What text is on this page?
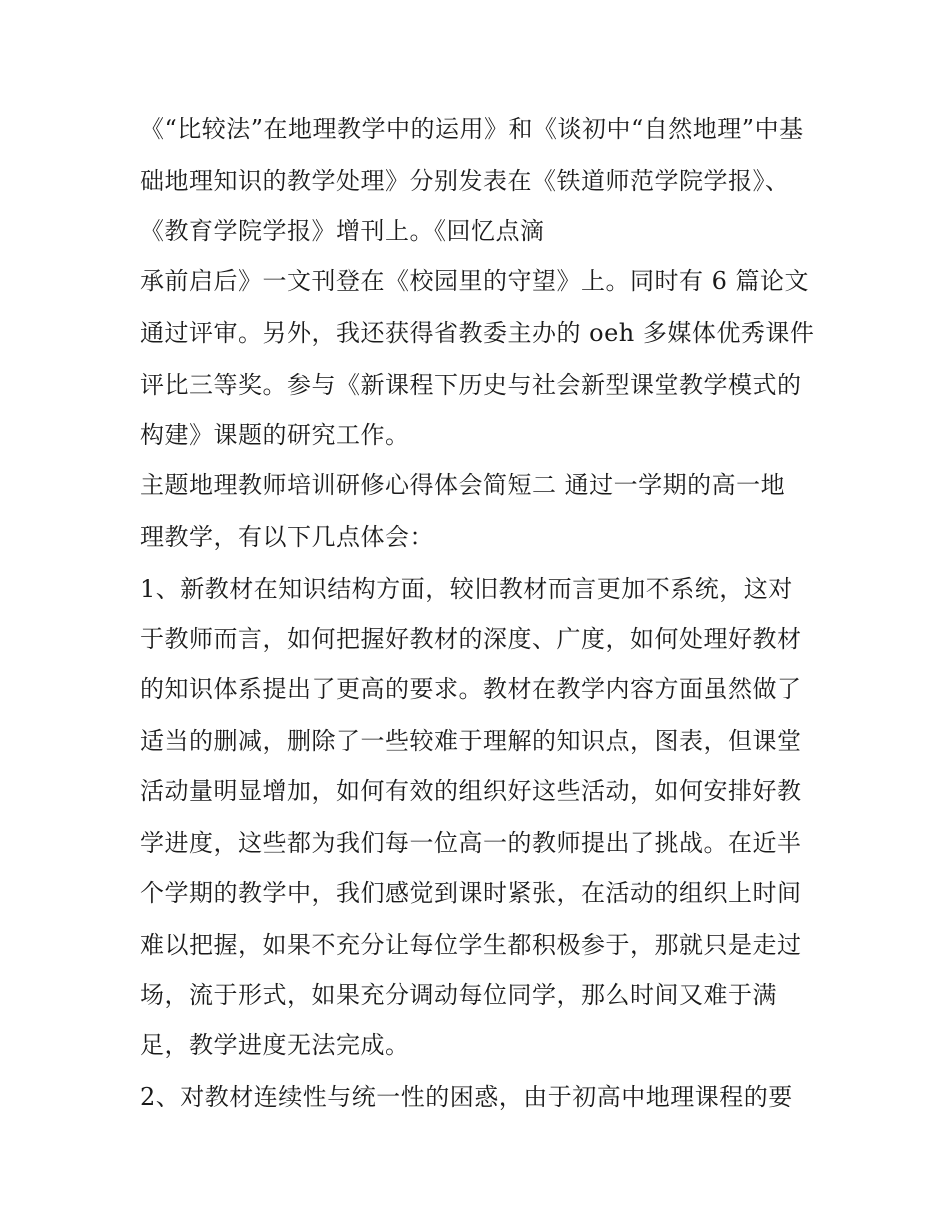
《“比较法”在地理教学中的运用》和《谈初中“自然地理”中基
础地理知识的教学处理》分别发表在《铁道师范学院学报》、
《教育学院学报》增刊上。《回忆点滴
承前启后》一文刊登在《校园里的守望》上。同时有 6 篇论文
通过评审。另外，我还获得省教委主办的 oeh 多媒体优秀课件
评比三等奖。参与《新课程下历史与社会新型课堂教学模式的
构建》课题的研究工作。
主题地理教师培训研修心得体会简短二 通过一学期的高一地
理教学，有以下几点体会：
1、新教材在知识结构方面，较旧教材而言更加不系统，这对
于教师而言，如何把握好教材的深度、广度，如何处理好教材
的知识体系提出了更高的要求。教材在教学内容方面虽然做了
适当的删减，删除了一些较难于理解的知识点，图表，但课堂
活动量明显增加，如何有效的组织好这些活动，如何安排好教
学进度，这些都为我们每一位高一的教师提出了挑战。在近半
个学期的教学中，我们感觉到课时紧张，在活动的组织上时间
难以把握，如果不充分让每位学生都积极参于，那就只是走过
场，流于形式，如果充分调动每位同学，那么时间又难于满
足，教学进度无法完成。
2、对教材连续性与统一性的困惑，由于初高中地理课程的要
